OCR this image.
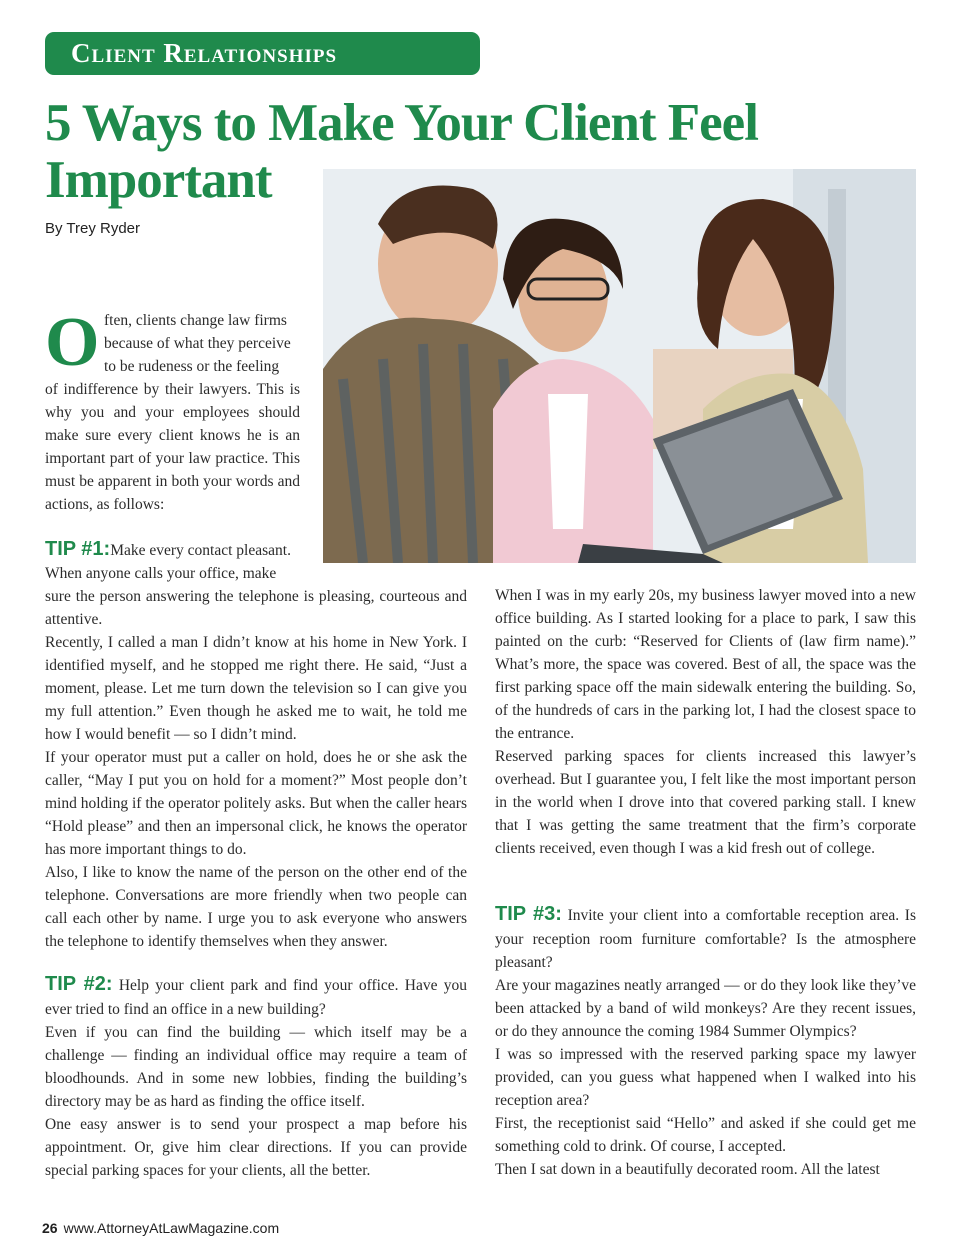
Client Relationships
5 Ways to Make Your Client Feel Important
By Trey Ryder
O ften, clients change law firms

because of what they perceive

to be rudeness or the feeling

of indifference by their lawyers. This is why you and your employees should make sure every client knows he is an important part of your law practice. This must be apparent in both your words and actions, as follows:

TIP #1:Make every contact pleasant.

When anyone calls your office, make

sure the person answering the telephone is pleasing, courteous and attentive.

Recently, I called a man I didn’t know at his home in New York. I identified myself, and he stopped me right there. He said, “Just a moment, please. Let me turn down the television so I can give you my full attention.” Even though he asked me to wait, he told me how I would benefit — so I didn’t mind.

If your operator must put a caller on hold, does he or she ask the caller, “May I put you on hold for a moment?” Most people don’t mind holding if the operator politely asks. But when the caller hears “Hold please” and then an impersonal click, he knows the operator has more important things to do.

Also, I like to know the name of the person on the other end of the telephone. Conversations are more friendly when two people can call each other by name. I urge you to ask everyone who answers the telephone to identify themselves when they answer.

TIP #2: Help your client park and find your office. Have you ever tried to find an office in a new building?

Even if you can find the building — which itself may be a challenge — finding an individual office may require a team of bloodhounds. And in some new lobbies, finding the building’s directory may be as hard as finding the office itself.

One easy answer is to send your prospect a map before his appointment. Or, give him clear directions. If you can provide special parking spaces for your clients, all the better.

When I was in my early 20s, my business lawyer moved into a new office building. As I started looking for a place to park, I saw this painted on the curb: “Reserved for Clients of (law firm name).” What’s more, the space was covered. Best of all, the space was the first parking space off the main sidewalk entering the building. So, of the hundreds of cars in the parking lot, I had the closest space to the entrance.

Reserved parking spaces for clients increased this lawyer’s overhead. But I guarantee you, I felt like the most important person in the world when I drove into that covered parking stall. I knew that I was getting the same treatment that the firm’s corporate clients received, even though I was a kid fresh out of college.

TIP #3: Invite your client into a comfortable reception area. Is your reception room furniture comfortable? Is the atmosphere pleasant?

Are your magazines neatly arranged — or do they look like they’ve been attacked by a band of wild monkeys? Are they recent issues, or do they announce the coming 1984 Summer Olympics?

I was so impressed with the reserved parking space my lawyer provided, can you guess what happened when I walked into his reception area?

First, the receptionist said “Hello” and asked if she could get me something cold to drink. Of course, I accepted.

Then I sat down in a beautifully decorated room. All the latest

26 www.AttorneyAtLawMagazine.com
